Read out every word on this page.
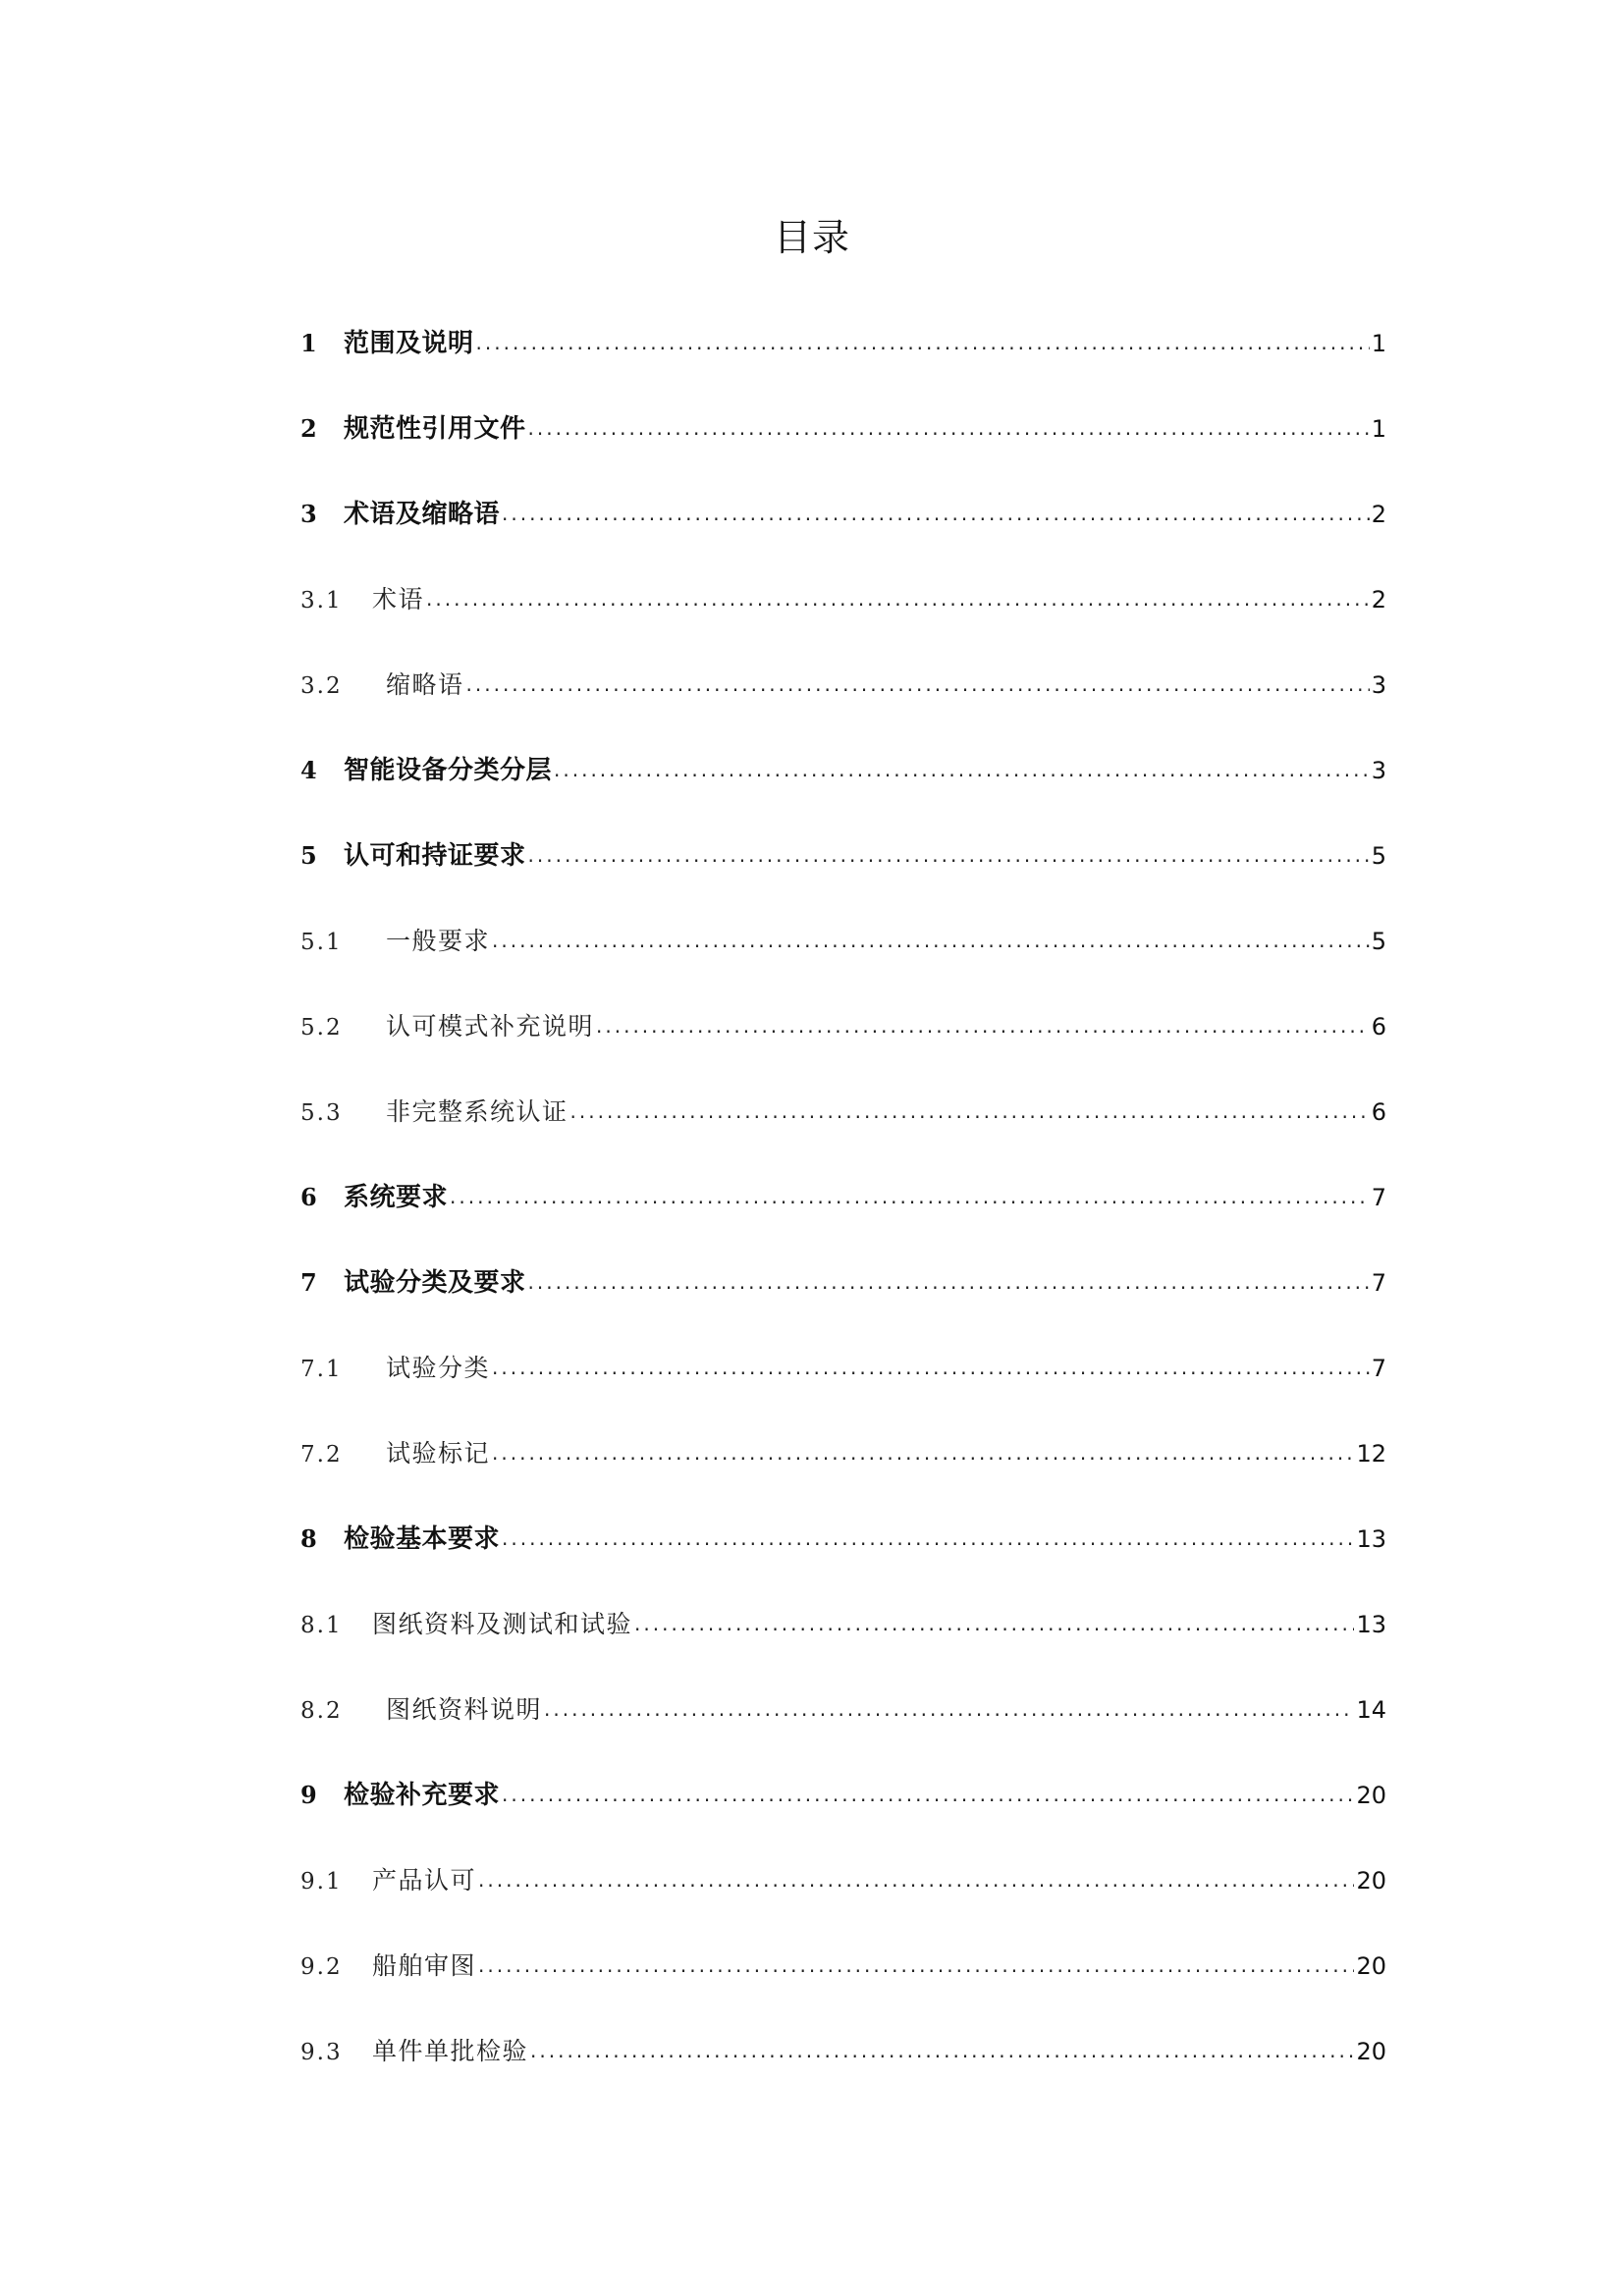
目录
1	范围及说明 .....	1
2	规范性引用文件 .....	1
3	术语及缩略语 .....	2
3.1	术语 .....	2
3.2	缩略语 .....	3
4	智能设备分类分层 .....	3
5	认可和持证要求 .....	5
5.1	一般要求 .....	5
5.2	认可模式补充说明 .....	6
5.3	非完整系统认证 .....	6
6	系统要求 .....	7
7	试验分类及要求 .....	7
7.1	试验分类 .....	7
7.2	试验标记 .....	12
8	检验基本要求 .....	13
8.1	图纸资料及测试和试验 .....	13
8.2	图纸资料说明 .....	14
9	检验补充要求 .....	20
9.1	产品认可 .....	20
9.2	船舶审图 .....	20
9.3	单件单批检验 .....	20
